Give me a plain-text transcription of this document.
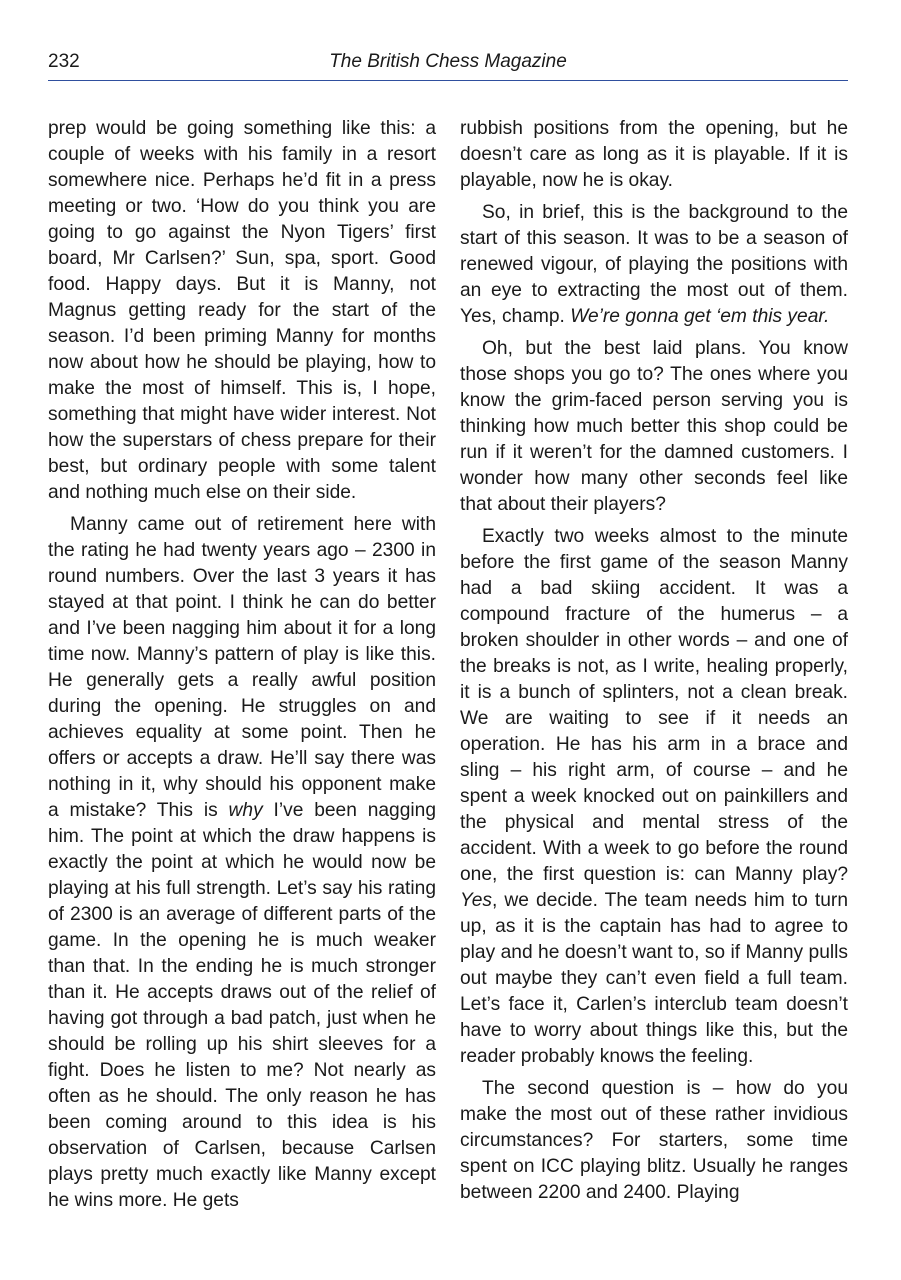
232	The British Chess Magazine

prep would be going something like this: a couple of weeks with his family in a resort somewhere nice. Perhaps he’d fit in a press meeting or two. ‘How do you think you are going to go against the Nyon Tigers’ first board, Mr Carlsen?’ Sun, spa, sport. Good food. Happy days. But it is Manny, not Magnus getting ready for the start of the season. I’d been priming Manny for months now about how he should be playing, how to make the most of himself. This is, I hope, something that might have wider interest. Not how the superstars of chess prepare for their best, but ordinary people with some talent and nothing much else on their side.

Manny came out of retirement here with the rating he had twenty years ago – 2300 in round numbers. Over the last 3 years it has stayed at that point. I think he can do better and I’ve been nagging him about it for a long time now. Manny’s pattern of play is like this. He generally gets a really awful position during the opening. He struggles on and achieves equality at some point. Then he offers or accepts a draw. He’ll say there was nothing in it, why should his opponent make a mistake? This is why I’ve been nagging him. The point at which the draw happens is exactly the point at which he would now be playing at his full strength. Let’s say his rating of 2300 is an average of different parts of the game. In the opening he is much weaker than that. In the ending he is much stronger than it. He accepts draws out of the relief of having got through a bad patch, just when he should be rolling up his shirt sleeves for a fight. Does he listen to me? Not nearly as often as he should. The only reason he has been coming around to this idea is his observation of Carlsen, because Carlsen plays pretty much exactly like Manny except he wins more. He gets

rubbish positions from the opening, but he doesn’t care as long as it is playable. If it is playable, now he is okay.

So, in brief, this is the background to the start of this season. It was to be a season of renewed vigour, of playing the positions with an eye to extracting the most out of them. Yes, champ. We’re gonna get ‘em this year.

Oh, but the best laid plans. You know those shops you go to? The ones where you know the grim-faced person serving you is thinking how much better this shop could be run if it weren’t for the damned customers. I wonder how many other seconds feel like that about their players?

Exactly two weeks almost to the minute before the first game of the season Manny had a bad skiing accident. It was a compound fracture of the humerus – a broken shoulder in other words – and one of the breaks is not, as I write, healing properly, it is a bunch of splinters, not a clean break. We are waiting to see if it needs an operation. He has his arm in a brace and sling – his right arm, of course – and he spent a week knocked out on painkillers and the physical and mental stress of the accident. With a week to go before the round one, the first question is: can Manny play? Yes, we decide. The team needs him to turn up, as it is the captain has had to agree to play and he doesn’t want to, so if Manny pulls out maybe they can’t even field a full team. Let’s face it, Carlen’s interclub team doesn’t have to worry about things like this, but the reader probably knows the feeling.

The second question is – how do you make the most out of these rather invidious circumstances? For starters, some time spent on ICC playing blitz. Usually he ranges between 2200 and 2400. Playing
